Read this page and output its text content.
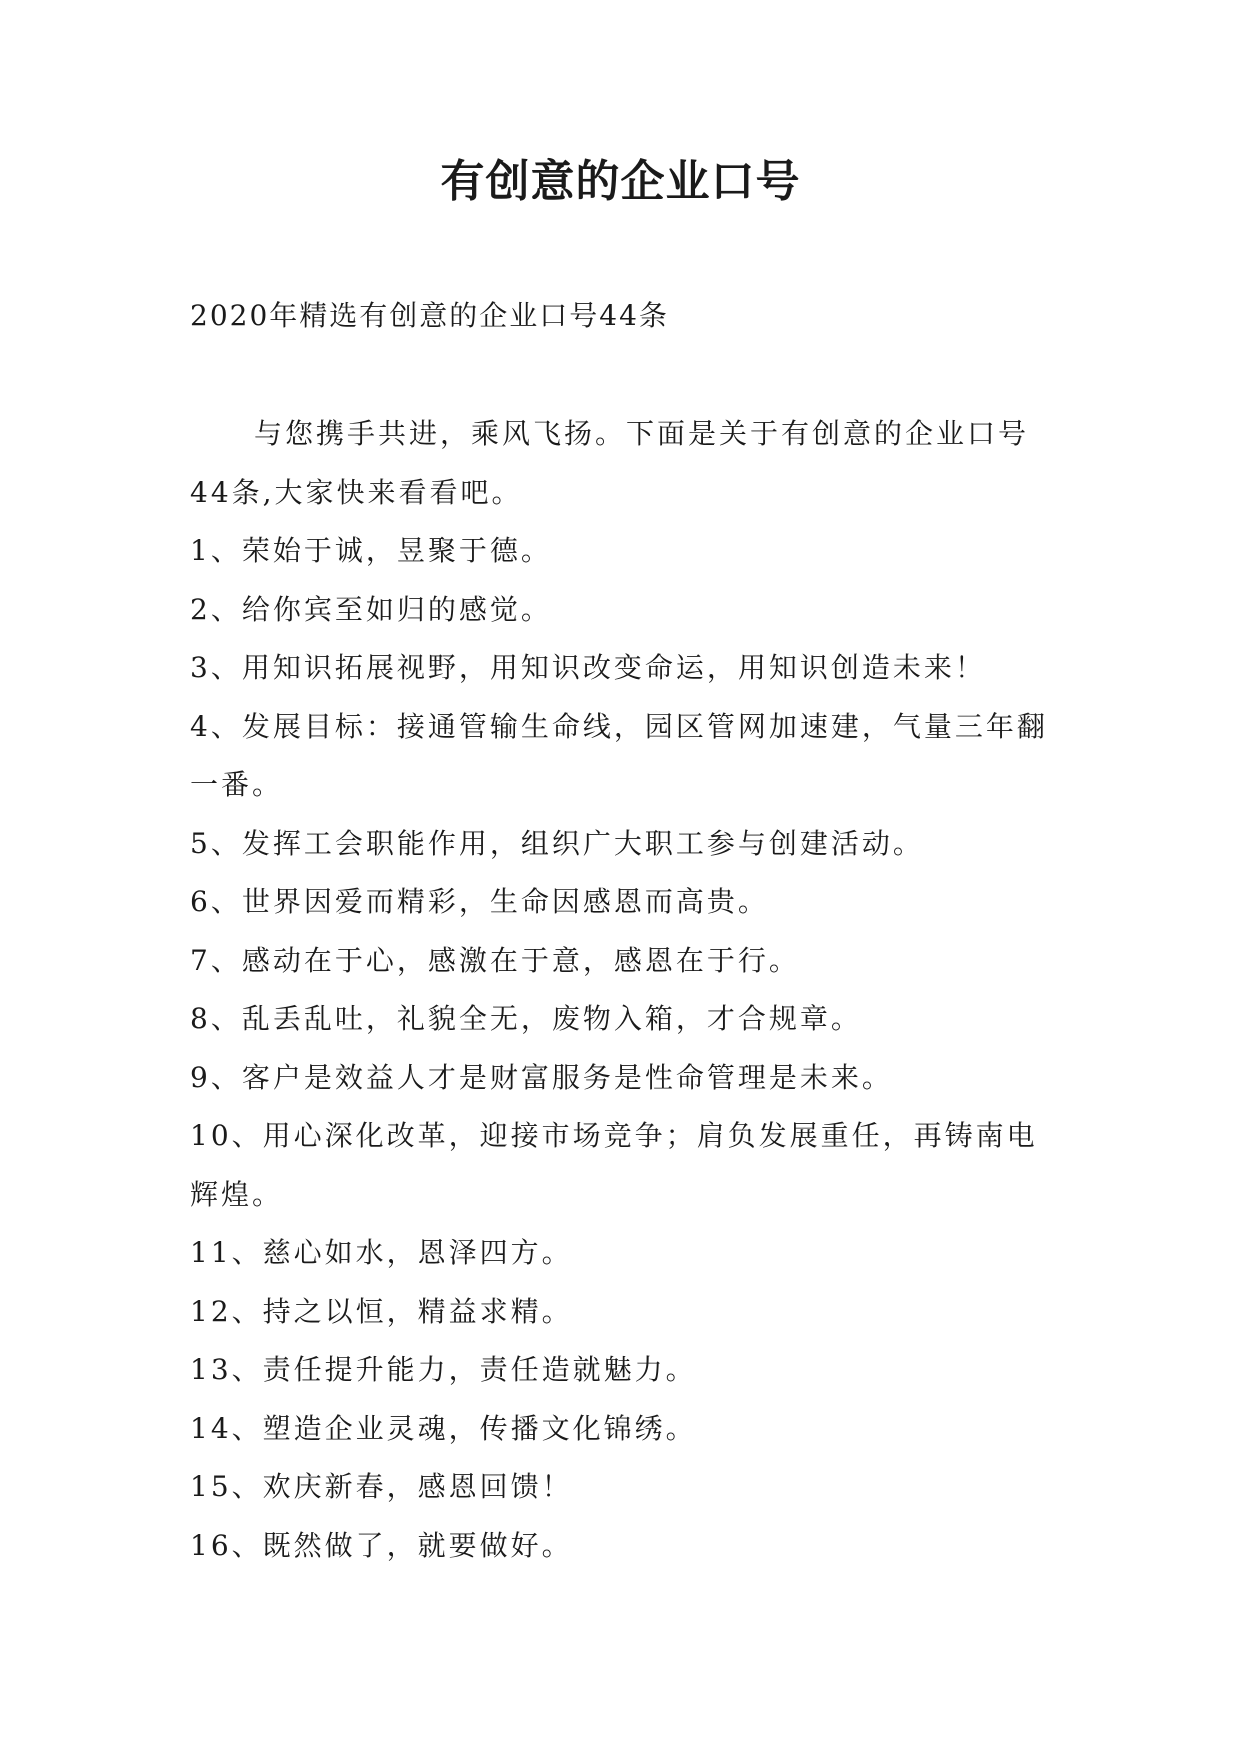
有创意的企业口号

2020年精选有创意的企业口号44条

与您携手共进，乘风飞扬。下面是关于有创意的企业口号44条,大家快来看看吧。

1、荣始于诚，昱聚于德。

2、给你宾至如归的感觉。

3、用知识拓展视野，用知识改变命运，用知识创造未来！

4、发展目标：接通管输生命线，园区管网加速建，气量三年翻一番。

5、发挥工会职能作用，组织广大职工参与创建活动。

6、世界因爱而精彩，生命因感恩而高贵。

7、感动在于心，感激在于意，感恩在于行。

8、乱丢乱吐，礼貌全无，废物入箱，才合规章。

9、客户是效益人才是财富服务是性命管理是未来。

10、用心深化改革，迎接市场竞争；肩负发展重任，再铸南电辉煌。

11、慈心如水，恩泽四方。

12、持之以恒，精益求精。

13、责任提升能力，责任造就魅力。

14、塑造企业灵魂，传播文化锦绣。

15、欢庆新春，感恩回馈！

16、既然做了，就要做好。
